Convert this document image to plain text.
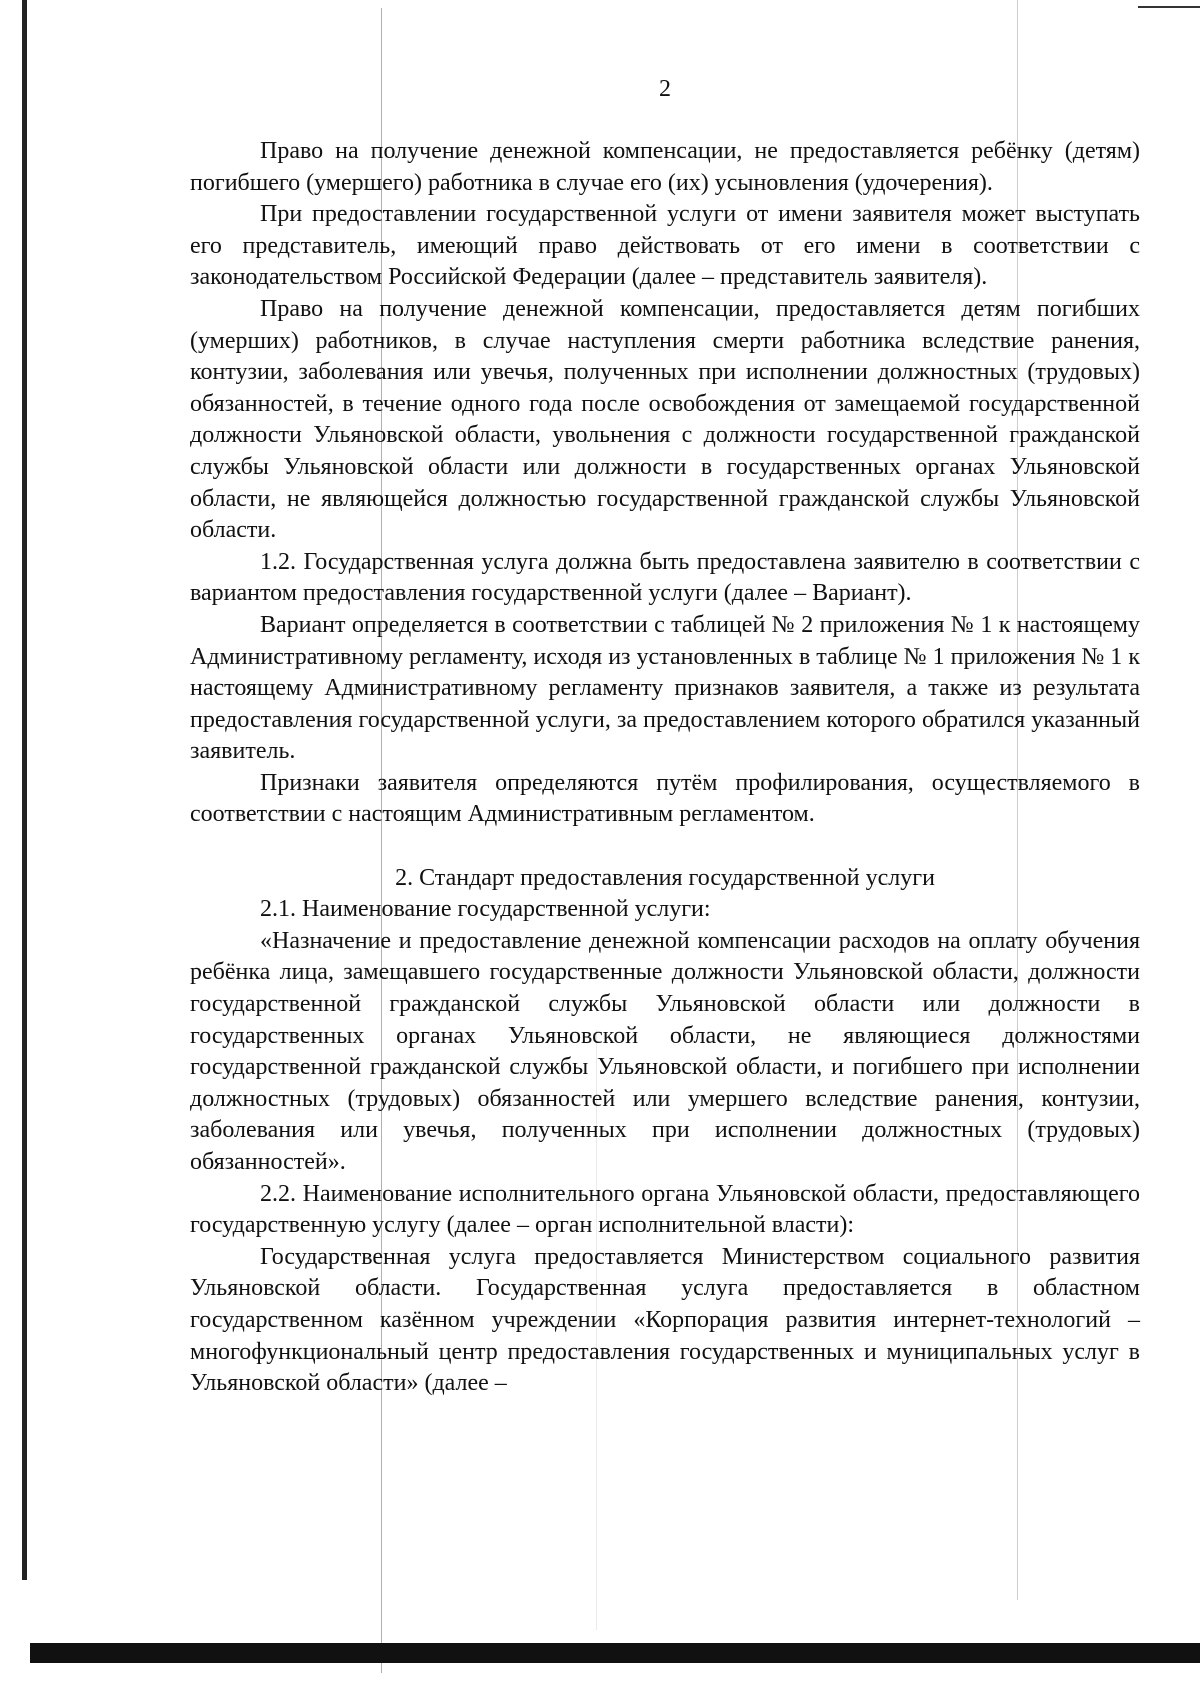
2

Право на получение денежной компенсации, не предоставляется ребёнку (детям) погибшего (умершего) работника в случае его (их) усыновления (удочерения).

При предоставлении государственной услуги от имени заявителя может выступать его представитель, имеющий право действовать от его имени в соответствии с законодательством Российской Федерации (далее – представитель заявителя).

Право на получение денежной компенсации, предоставляется детям погибших (умерших) работников, в случае наступления смерти работника вследствие ранения, контузии, заболевания или увечья, полученных при исполнении должностных (трудовых) обязанностей, в течение одного года после освобождения от замещаемой государственной должности Ульяновской области, увольнения с должности государственной гражданской службы Ульяновской области или должности в государственных органах Ульяновской области, не являющейся должностью государственной гражданской службы Ульяновской области.

1.2. Государственная услуга должна быть предоставлена заявителю в соответствии с вариантом предоставления государственной услуги (далее – Вариант).

Вариант определяется в соответствии с таблицей № 2 приложения № 1 к настоящему Административному регламенту, исходя из установленных в таблице № 1 приложения № 1 к настоящему Административному регламенту признаков заявителя, а также из результата предоставления государственной услуги, за предоставлением которого обратился указанный заявитель.

Признаки заявителя определяются путём профилирования, осуществляемого в соответствии с настоящим Административным регламентом.

2. Стандарт предоставления государственной услуги

2.1. Наименование государственной услуги:

«Назначение и предоставление денежной компенсации расходов на оплату обучения ребёнка лица, замещавшего государственные должности Ульяновской области, должности государственной гражданской службы Ульяновской области или должности в государственных органах Ульяновской области, не являющиеся должностями государственной гражданской службы Ульяновской области, и погибшего при исполнении должностных (трудовых) обязанностей или умершего вследствие ранения, контузии, заболевания или увечья, полученных при исполнении должностных (трудовых) обязанностей».

2.2. Наименование исполнительного органа Ульяновской области, предоставляющего государственную услугу (далее – орган исполнительной власти):

Государственная услуга предоставляется Министерством социального развития Ульяновской области. Государственная услуга предоставляется в областном государственном казённом учреждении «Корпорация развития интернет-технологий – многофункциональный центр предоставления государственных и муниципальных услуг в Ульяновской области» (далее –
